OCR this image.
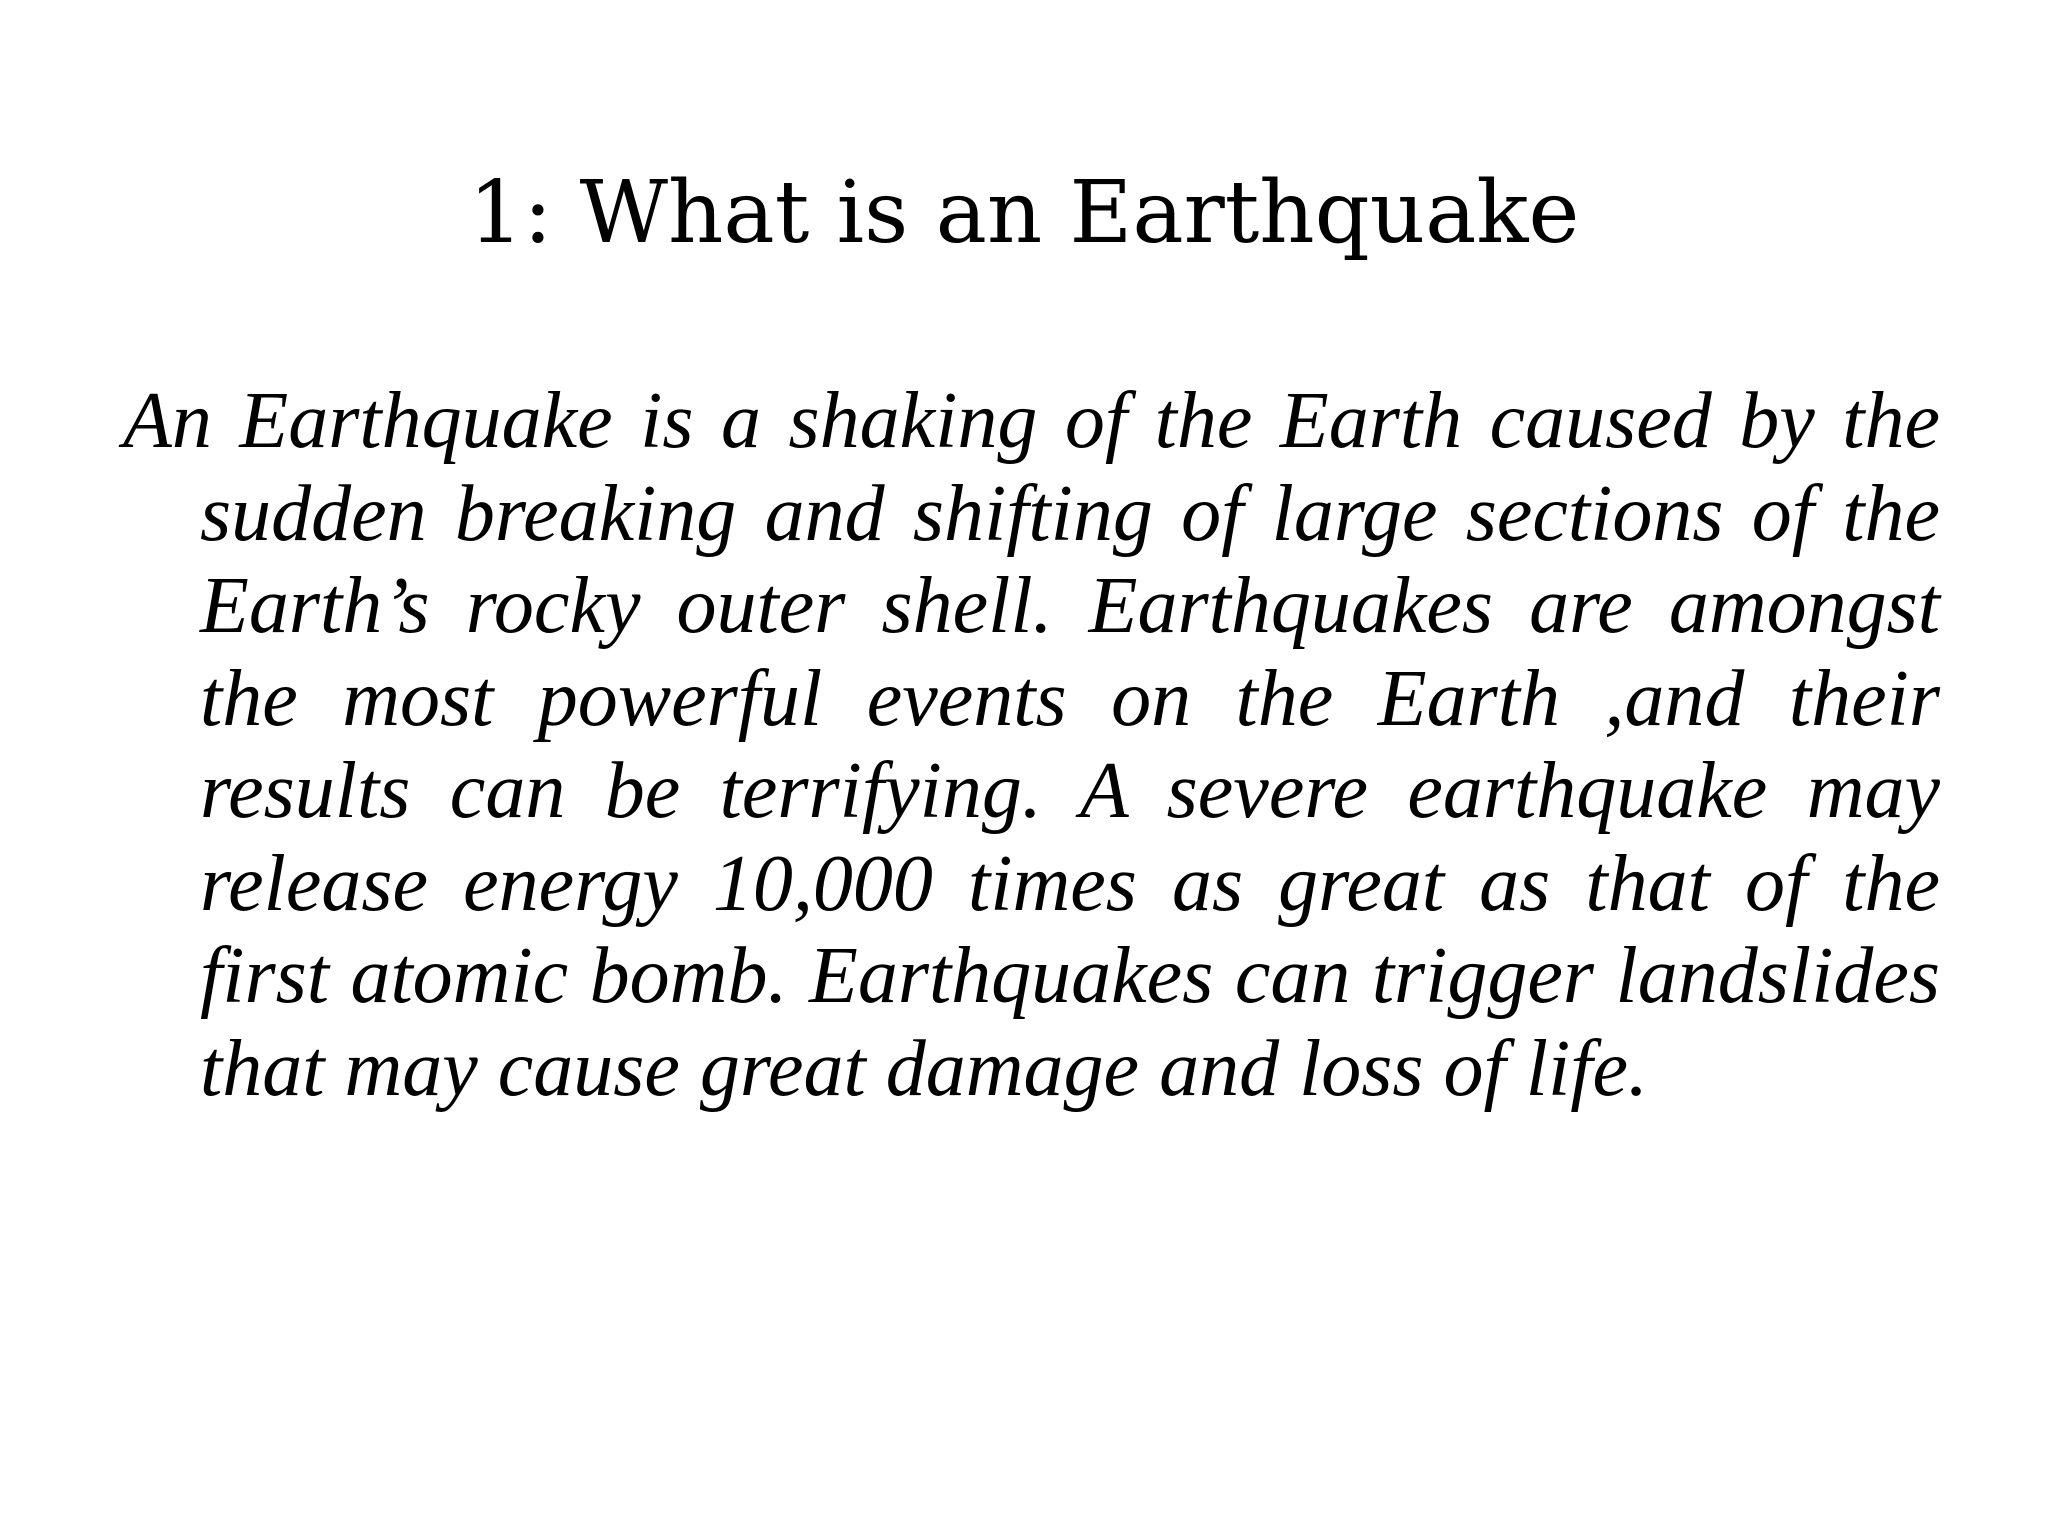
1: What is an Earthquake

An Earthquake is a shaking of the Earth caused by the sudden breaking and shifting of large sections of the Earth’s rocky outer shell. Earthquakes are amongst the most powerful events on the Earth ,and their results can be terrifying. A severe earthquake may release energy 10,000 times as great as that of the first atomic bomb. Earthquakes can trigger landslides that may cause great damage and loss of life.
